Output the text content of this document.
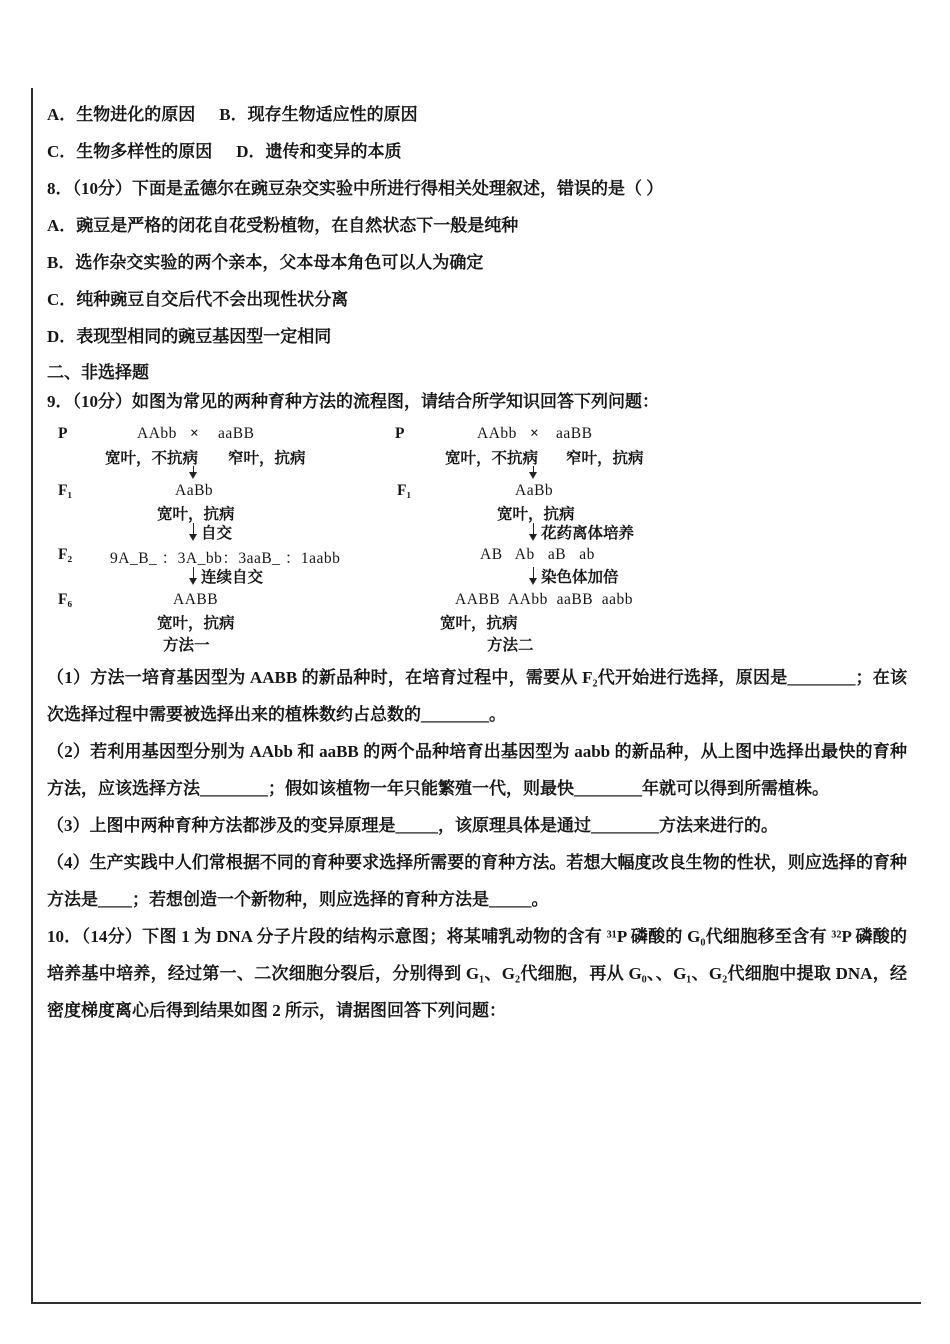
A．生物进化的原因 B．现存生物适应性的原因

C．生物多样性的原因 D．遗传和变异的本质

8．（10分）下面是孟德尔在豌豆杂交实验中所进行得相关处理叙述，错误的是（ ）

A．豌豆是严格的闭花自花受粉植物，在自然状态下一般是纯种

B．选作杂交实验的两个亲本，父本母本角色可以人为确定

C．纯种豌豆自交后代不会出现性状分离

D．表现型相同的豌豆基因型一定相同

二、非选择题

9．（10分）如图为常见的两种育种方法的流程图，请结合所学知识回答下列问题：

P	AAbb × aaBB
宽叶，不抗病 窄叶，抗病
F₁	AaBb
宽叶，抗病
自交
F₂ 9A_B_ ：3A_bb：3aaB_ ：1aabb
连续自交
F₆	AABB
宽叶，抗病
方法一
P	AAbb × aaBB
宽叶，不抗病 窄叶，抗病
F₁	AaBb
宽叶，抗病
花药离体培养
AB   Ab   aB   ab
染色体加倍
AABB  AAbb  aaBB  aabb
宽叶，抗病
方法二

（1）方法一培育基因型为 AABB 的新品种时，在培育过程中，需要从 F₂代开始进行选择，原因是________；在该次选择过程中需要被选择出来的植株数约占总数的________。

（2）若利用基因型分别为 AAbb 和 aaBB 的两个品种培育出基因型为 aabb 的新品种，从上图中选择出最快的育种方法，应该选择方法________；假如该植物一年只能繁殖一代，则最快________年就可以得到所需植株。

（3）上图中两种育种方法都涉及的变异原理是_____，该原理具体是通过________方法来进行的。

（4）生产实践中人们常根据不同的育种要求选择所需要的育种方法。若想大幅度改良生物的性状，则应选择的育种方法是____；若想创造一个新物种，则应选择的育种方法是_____。

10．（14分）下图 1 为 DNA 分子片段的结构示意图；将某哺乳动物的含有 ³¹P 磷酸的 G₀代细胞移至含有 ³²P 磷酸的培养基中培养，经过第一、二次细胞分裂后，分别得到 G₁、G₂代细胞，再从 G₀、、G₁、G₂代细胞中提取 DNA，经密度梯度离心后得到结果如图 2 所示，请据图回答下列问题：
